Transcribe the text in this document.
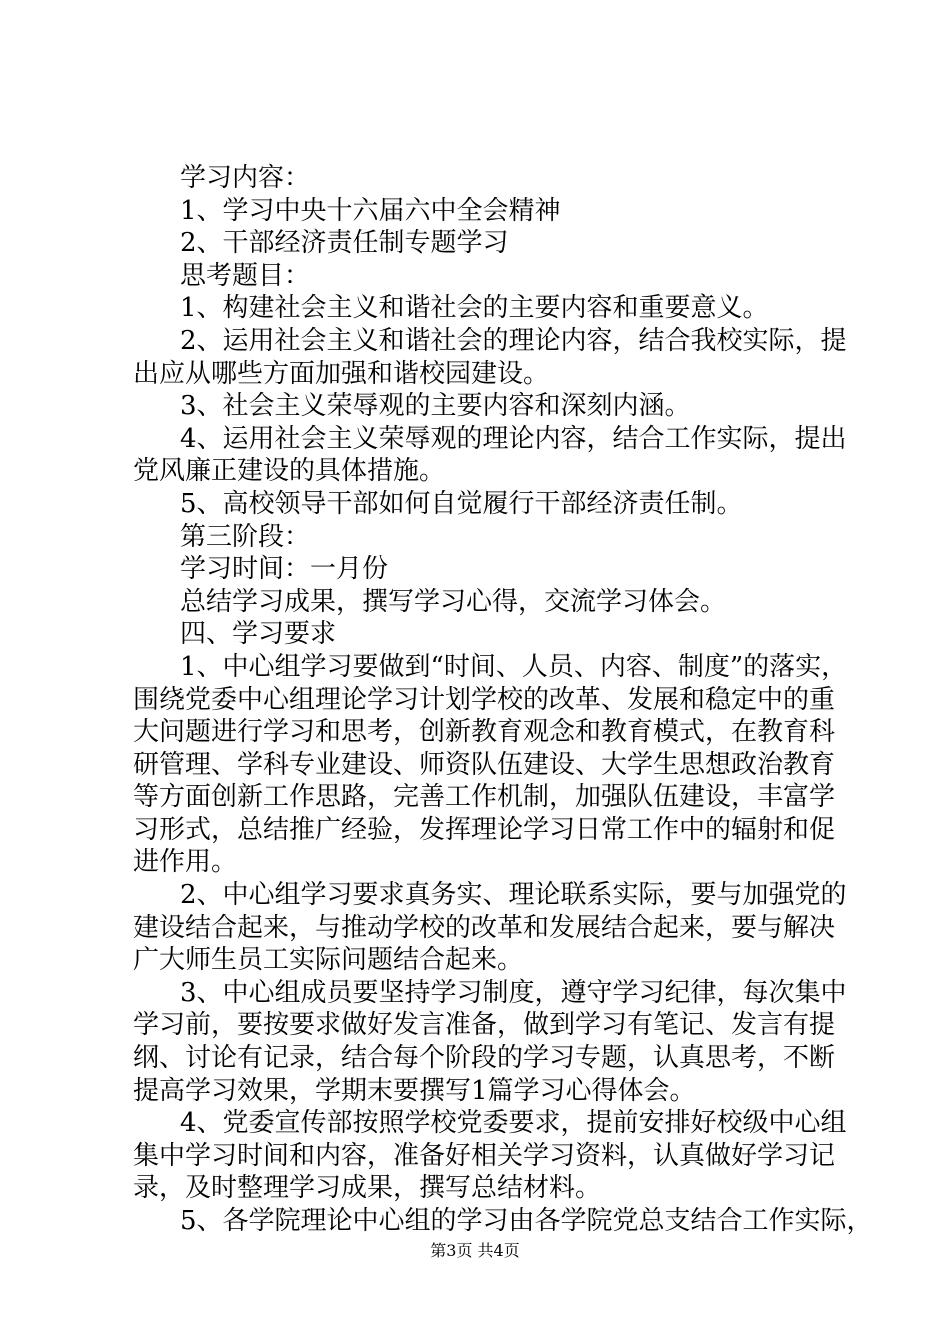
学习内容：
1、学习中央十六届六中全会精神
2、干部经济责任制专题学习
思考题目：
1、构建社会主义和谐社会的主要内容和重要意义。
2、运用社会主义和谐社会的理论内容，结合我校实际，提
出应从哪些方面加强和谐校园建设。
3、社会主义荣辱观的主要内容和深刻内涵。
4、运用社会主义荣辱观的理论内容，结合工作实际，提出
党风廉正建设的具体措施。
5、高校领导干部如何自觉履行干部经济责任制。
第三阶段：
学习时间：一月份
总结学习成果，撰写学习心得，交流学习体会。
四、学习要求
1、中心组学习要做到“时间、人员、内容、制度”的落实，
围绕党委中心组理论学习计划学校的改革、发展和稳定中的重
大问题进行学习和思考，创新教育观念和教育模式，在教育科
研管理、学科专业建设、师资队伍建设、大学生思想政治教育
等方面创新工作思路，完善工作机制，加强队伍建设，丰富学
习形式，总结推广经验，发挥理论学习日常工作中的辐射和促
进作用。
2、中心组学习要求真务实、理论联系实际，要与加强党的
建设结合起来，与推动学校的改革和发展结合起来，要与解决
广大师生员工实际问题结合起来。
3、中心组成员要坚持学习制度，遵守学习纪律，每次集中
学习前，要按要求做好发言准备，做到学习有笔记、发言有提
纲、讨论有记录，结合每个阶段的学习专题，认真思考，不断
提高学习效果，学期末要撰写1篇学习心得体会。
4、党委宣传部按照学校党委要求，提前安排好校级中心组
集中学习时间和内容，准备好相关学习资料，认真做好学习记
录，及时整理学习成果，撰写总结材料。
5、各学院理论中心组的学习由各学院党总支结合工作实际，
第3页 共4页
